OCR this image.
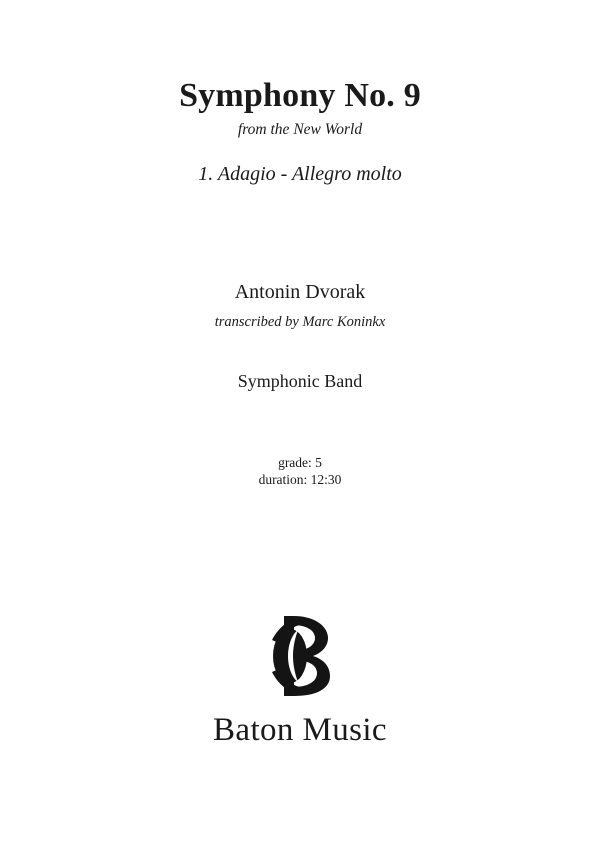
Symphony No. 9
from the New World
1. Adagio - Allegro molto
Antonin Dvorak
transcribed by Marc Koninkx
Symphonic Band
grade: 5
duration: 12:30
Baton Music
